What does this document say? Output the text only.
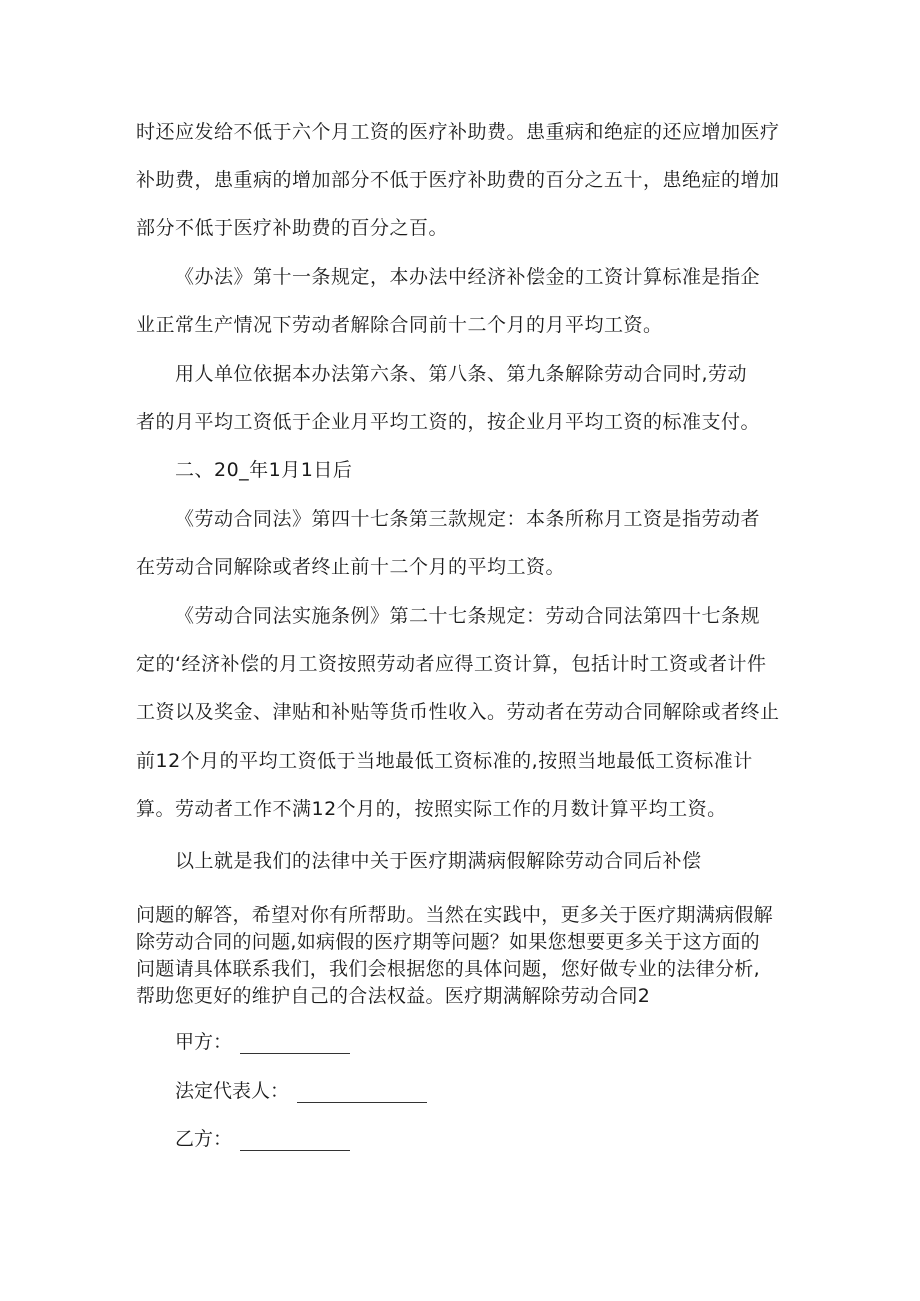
时还应发给不低于六个月工资的医疗补助费。患重病和绝症的还应增加医疗
补助费，患重病的增加部分不低于医疗补助费的百分之五十，患绝症的增加
部分不低于医疗补助费的百分之百。
《办法》第十一条规定，本办法中经济补偿金的工资计算标准是指企
业正常生产情况下劳动者解除合同前十二个月的月平均工资。
用人单位依据本办法第六条、第八条、第九条解除劳动合同时,劳动
者的月平均工资低于企业月平均工资的，按企业月平均工资的标准支付。
二、20_年1月1日后
《劳动合同法》第四十七条第三款规定：本条所称月工资是指劳动者
在劳动合同解除或者终止前十二个月的平均工资。
《劳动合同法实施条例》第二十七条规定：劳动合同法第四十七条规
定的‘经济补偿的月工资按照劳动者应得工资计算，包括计时工资或者计件
工资以及奖金、津贴和补贴等货币性收入。劳动者在劳动合同解除或者终止
前12个月的平均工资低于当地最低工资标准的,按照当地最低工资标准计
算。劳动者工作不满12个月的，按照实际工作的月数计算平均工资。
以上就是我们的法律中关于医疗期满病假解除劳动合同后补偿
问题的解答，希望对你有所帮助。当然在实践中，更多关于医疗期满病假解
除劳动合同的问题,如病假的医疗期等问题？如果您想要更多关于这方面的
问题请具体联系我们，我们会根据您的具体问题，您好做专业的法律分析,
帮助您更好的维护自己的合法权益。医疗期满解除劳动合同2
甲方：
法定代表人：
乙方：
